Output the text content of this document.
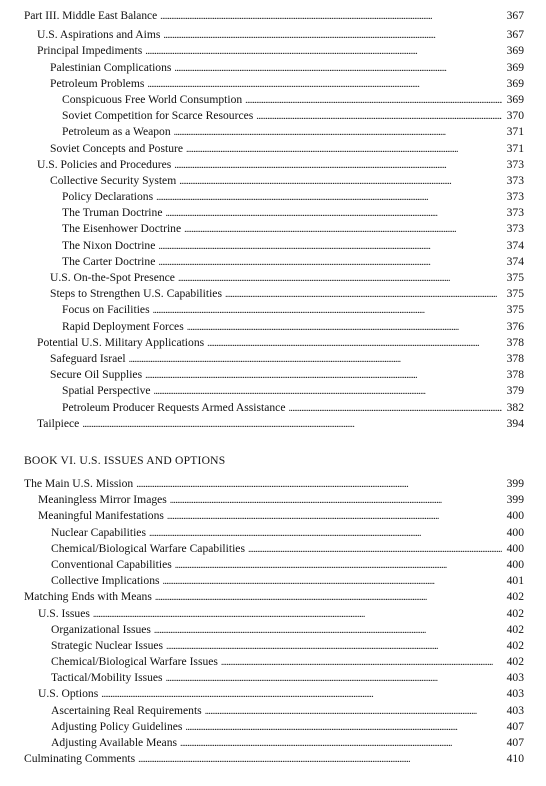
Part III. Middle East Balance . . .	367
U.S. Aspirations and Aims . . .	367
Principal Impediments . . .	369
Palestinian Complications . . .	369
Petroleum Problems . . .	369
Conspicuous Free World Consumption . . .	369
Soviet Competition for Scarce Resources . . .	370
Petroleum as a Weapon . . .	371
Soviet Concepts and Posture . . .	371
U.S. Policies and Procedures . . .	373
Collective Security System . . .	373
Policy Declarations . . .	373
The Truman Doctrine . . .	373
The Eisenhower Doctrine . . .	373
The Nixon Doctrine . . .	374
The Carter Doctrine . . .	374
U.S. On-the-Spot Presence . . .	375
Steps to Strengthen U.S. Capabilities . . .	375
Focus on Facilities . . .	375
Rapid Deployment Forces . . .	376
Potential U.S. Military Applications . . .	378
Safeguard Israel . . .	378
Secure Oil Supplies . . .	378
Spatial Perspective . . .	379
Petroleum Producer Requests Armed Assistance . . .	382
Tailpiece . . .	394
BOOK VI. U.S. ISSUES AND OPTIONS
The Main U.S. Mission . . .	399
Meaningless Mirror Images . . .	399
Meaningful Manifestations . . .	400
Nuclear Capabilities . . .	400
Chemical/Biological Warfare Capabilities . . .	400
Conventional Capabilities . . .	400
Collective Implications . . .	401
Matching Ends with Means . . .	402
U.S. Issues . . .	402
Organizational Issues . . .	402
Strategic Nuclear Issues . . .	402
Chemical/Biological Warfare Issues . . .	402
Tactical/Mobility Issues . . .	403
U.S. Options . . .	403
Ascertaining Real Requirements . . .	403
Adjusting Policy Guidelines . . .	407
Adjusting Available Means . . .	407
Culminating Comments . . .	410
